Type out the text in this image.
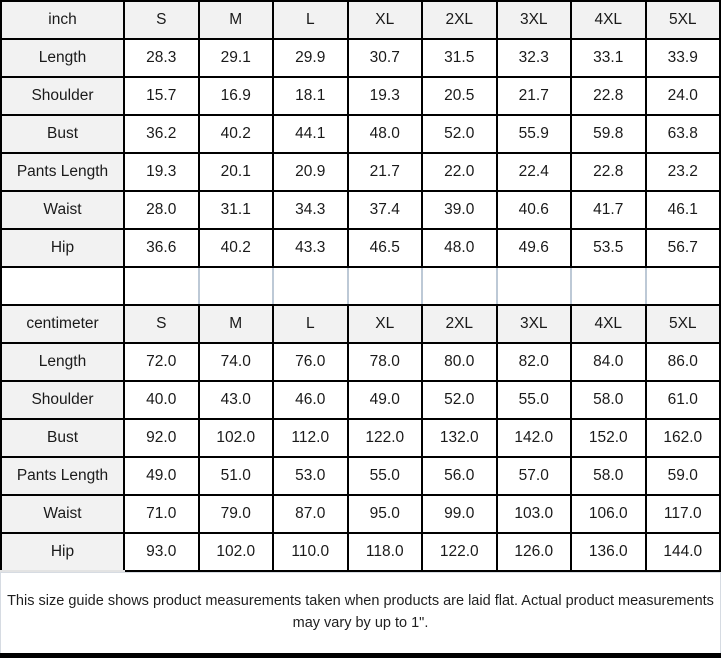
inch	S	M	L	XL	2XL	3XL	4XL	5XL
Length	28.3	29.1	29.9	30.7	31.5	32.3	33.1	33.9
Shoulder	15.7	16.9	18.1	19.3	20.5	21.7	22.8	24.0
Bust	36.2	40.2	44.1	48.0	52.0	55.9	59.8	63.8
Pants Length	19.3	20.1	20.9	21.7	22.0	22.4	22.8	23.2
Waist	28.0	31.1	34.3	37.4	39.0	40.6	41.7	46.1
Hip	36.6	40.2	43.3	46.5	48.0	49.6	53.5	56.7

centimeter	S	M	L	XL	2XL	3XL	4XL	5XL
Length	72.0	74.0	76.0	78.0	80.0	82.0	84.0	86.0
Shoulder	40.0	43.0	46.0	49.0	52.0	55.0	58.0	61.0
Bust	92.0	102.0	112.0	122.0	132.0	142.0	152.0	162.0
Pants Length	49.0	51.0	53.0	55.0	56.0	57.0	58.0	59.0
Waist	71.0	79.0	87.0	95.0	99.0	103.0	106.0	117.0
Hip	93.0	102.0	110.0	118.0	122.0	126.0	136.0	144.0
This size guide shows product measurements taken when products are laid flat. Actual product measurements may vary by up to 1".
